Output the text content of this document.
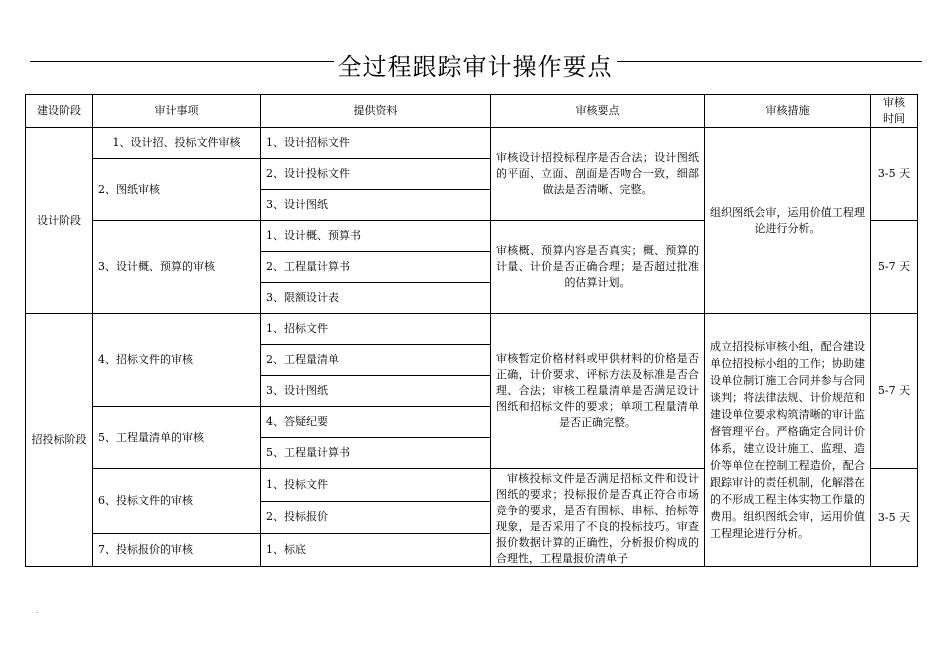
全过程跟踪审计操作要点
建设阶段	审计事项	提供资料	审核要点	审核措施	审核时间
设计阶段	1、设计招、投标文件审核	1、设计招标文件	审核设计招投标程序是否合法；设计图纸的平面、立面、剖面是否吻合一致，细部做法是否清晰、完整。	组织图纸会审，运用价值工程理论进行分析。	3-5 天
	2、图纸审核	2、设计投标文件			
		3、设计图纸			
	3、设计概、预算的审核	1、设计概、预算书	审核概、预算内容是否真实；概、预算的计量、计价是否正确合理；是否超过批准的估算计划。		5-7 天
		2、工程量计算书			
		3、限额设计表			
招投标阶段	4、招标文件的审核	1、招标文件	审核暂定价格材料或甲供材料的价格是否正确，计价要求、评标方法及标准是否合理、合法；审核工程量清单是否满足设计图纸和招标文件的要求；单项工程量清单是否正确完整。	成立招投标审核小组，配合建设单位招投标小组的工作；协助建设单位制订施工合同并参与合同谈判；将法律法规、计价规范和建设单位要求构筑清晰的审计监督管理平台。严格确定合同计价体系，建立设计施工、监理、造价等单位在控制工程造价，配合跟踪审计的责任机制，化解潜在的不形成工程主体实物工作量的费用。组织图纸会审，运用价值工程理论进行分析。	5-7 天
		2、工程量清单			
		3、设计图纸			
	5、工程量清单的审核	4、答疑纪要			
		5、工程量计算书			
	6、投标文件的审核	1、投标文件	审核投标文件是否满足招标文件和设计图纸的要求；投标报价是否真正符合市场竞争的要求，是否有围标、串标、抬标等现象，是否采用了不良的投标技巧。审查报价数据计算的正确性，分析报价构成的合理性，工程量报价清单子		3-5 天
		2、投标报价			
	7、投标报价的审核	1、标底			
.
